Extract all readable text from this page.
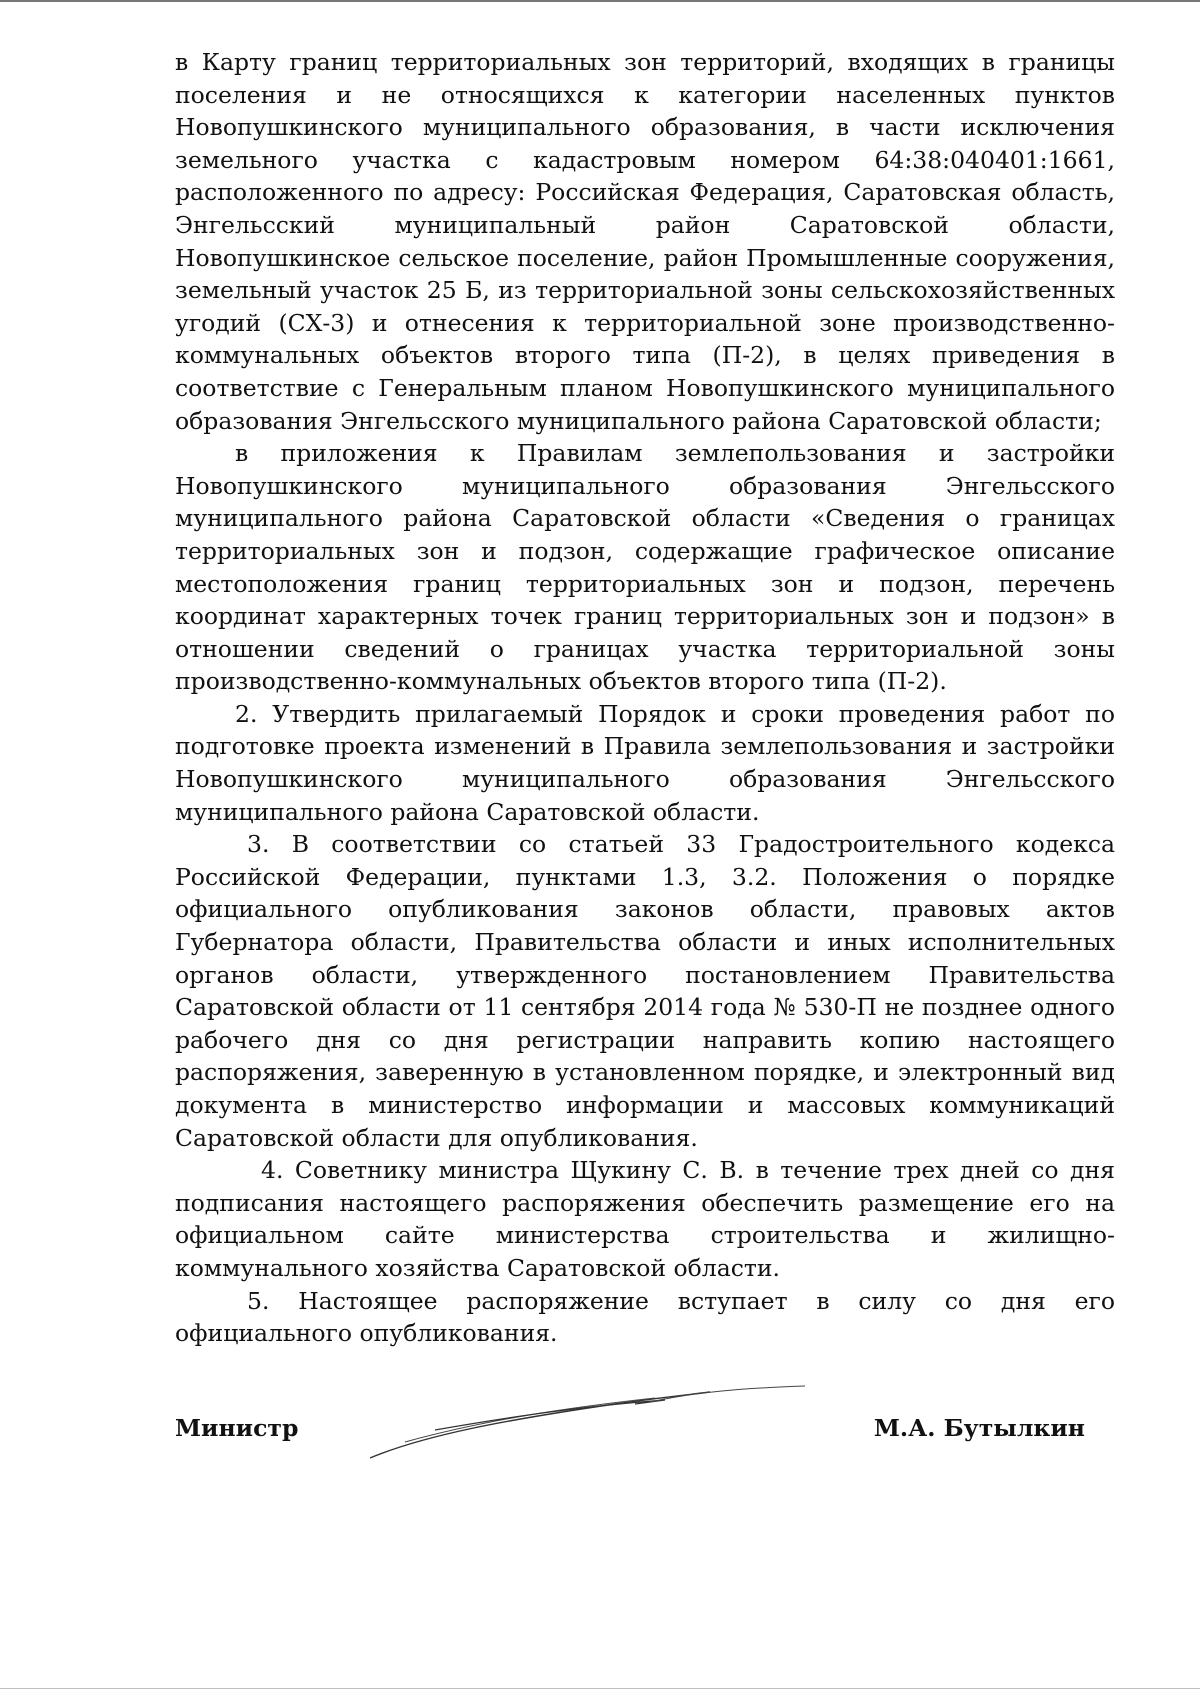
в Карту границ территориальных зон территорий, входящих в границы поселения и не относящихся к категории населенных пунктов Новопушкинского муниципального образования, в части исключения земельного участка с кадастровым номером 64:38:040401:1661, расположенного по адресу: Российская Федерация, Саратовская область, Энгельсский муниципальный район Саратовской области, Новопушкинское сельское поселение, район Промышленные сооружения, земельный участок 25 Б, из территориальной зоны сельскохозяйственных угодий (СХ-3) и отнесения к территориальной зоне производственно-коммунальных объектов второго типа (П-2), в целях приведения в соответствие с Генеральным планом Новопушкинского муниципального образования Энгельсского муниципального района Саратовской области;

в приложения к Правилам землепользования и застройки Новопушкинского муниципального образования Энгельсского муниципального района Саратовской области «Сведения о границах территориальных зон и подзон, содержащие графическое описание местоположения границ территориальных зон и подзон, перечень координат характерных точек границ территориальных зон и подзон» в отношении сведений о границах участка территориальной зоны производственно-коммунальных объектов второго типа (П-2).

2. Утвердить прилагаемый Порядок и сроки проведения работ по подготовке проекта изменений в Правила землепользования и застройки Новопушкинского муниципального образования Энгельсского муниципального района Саратовской области.

3. В соответствии со статьей 33 Градостроительного кодекса Российской Федерации, пунктами 1.3, 3.2. Положения о порядке официального опубликования законов области, правовых актов Губернатора области, Правительства области и иных исполнительных органов области, утвержденного постановлением Правительства Саратовской области от 11 сентября 2014 года № 530-П не позднее одного рабочего дня со дня регистрации направить копию настоящего распоряжения, заверенную в установленном порядке, и электронный вид документа в министерство информации и массовых коммуникаций Саратовской области для опубликования.

4. Советнику министра Щукину С. В. в течение трех дней со дня подписания настоящего распоряжения обеспечить размещение его на официальном сайте министерства строительства и жилищно-коммунального хозяйства Саратовской области.

5. Настоящее распоряжение вступает в силу со дня его официального опубликования.

Министр	М.А. Бутылкин
